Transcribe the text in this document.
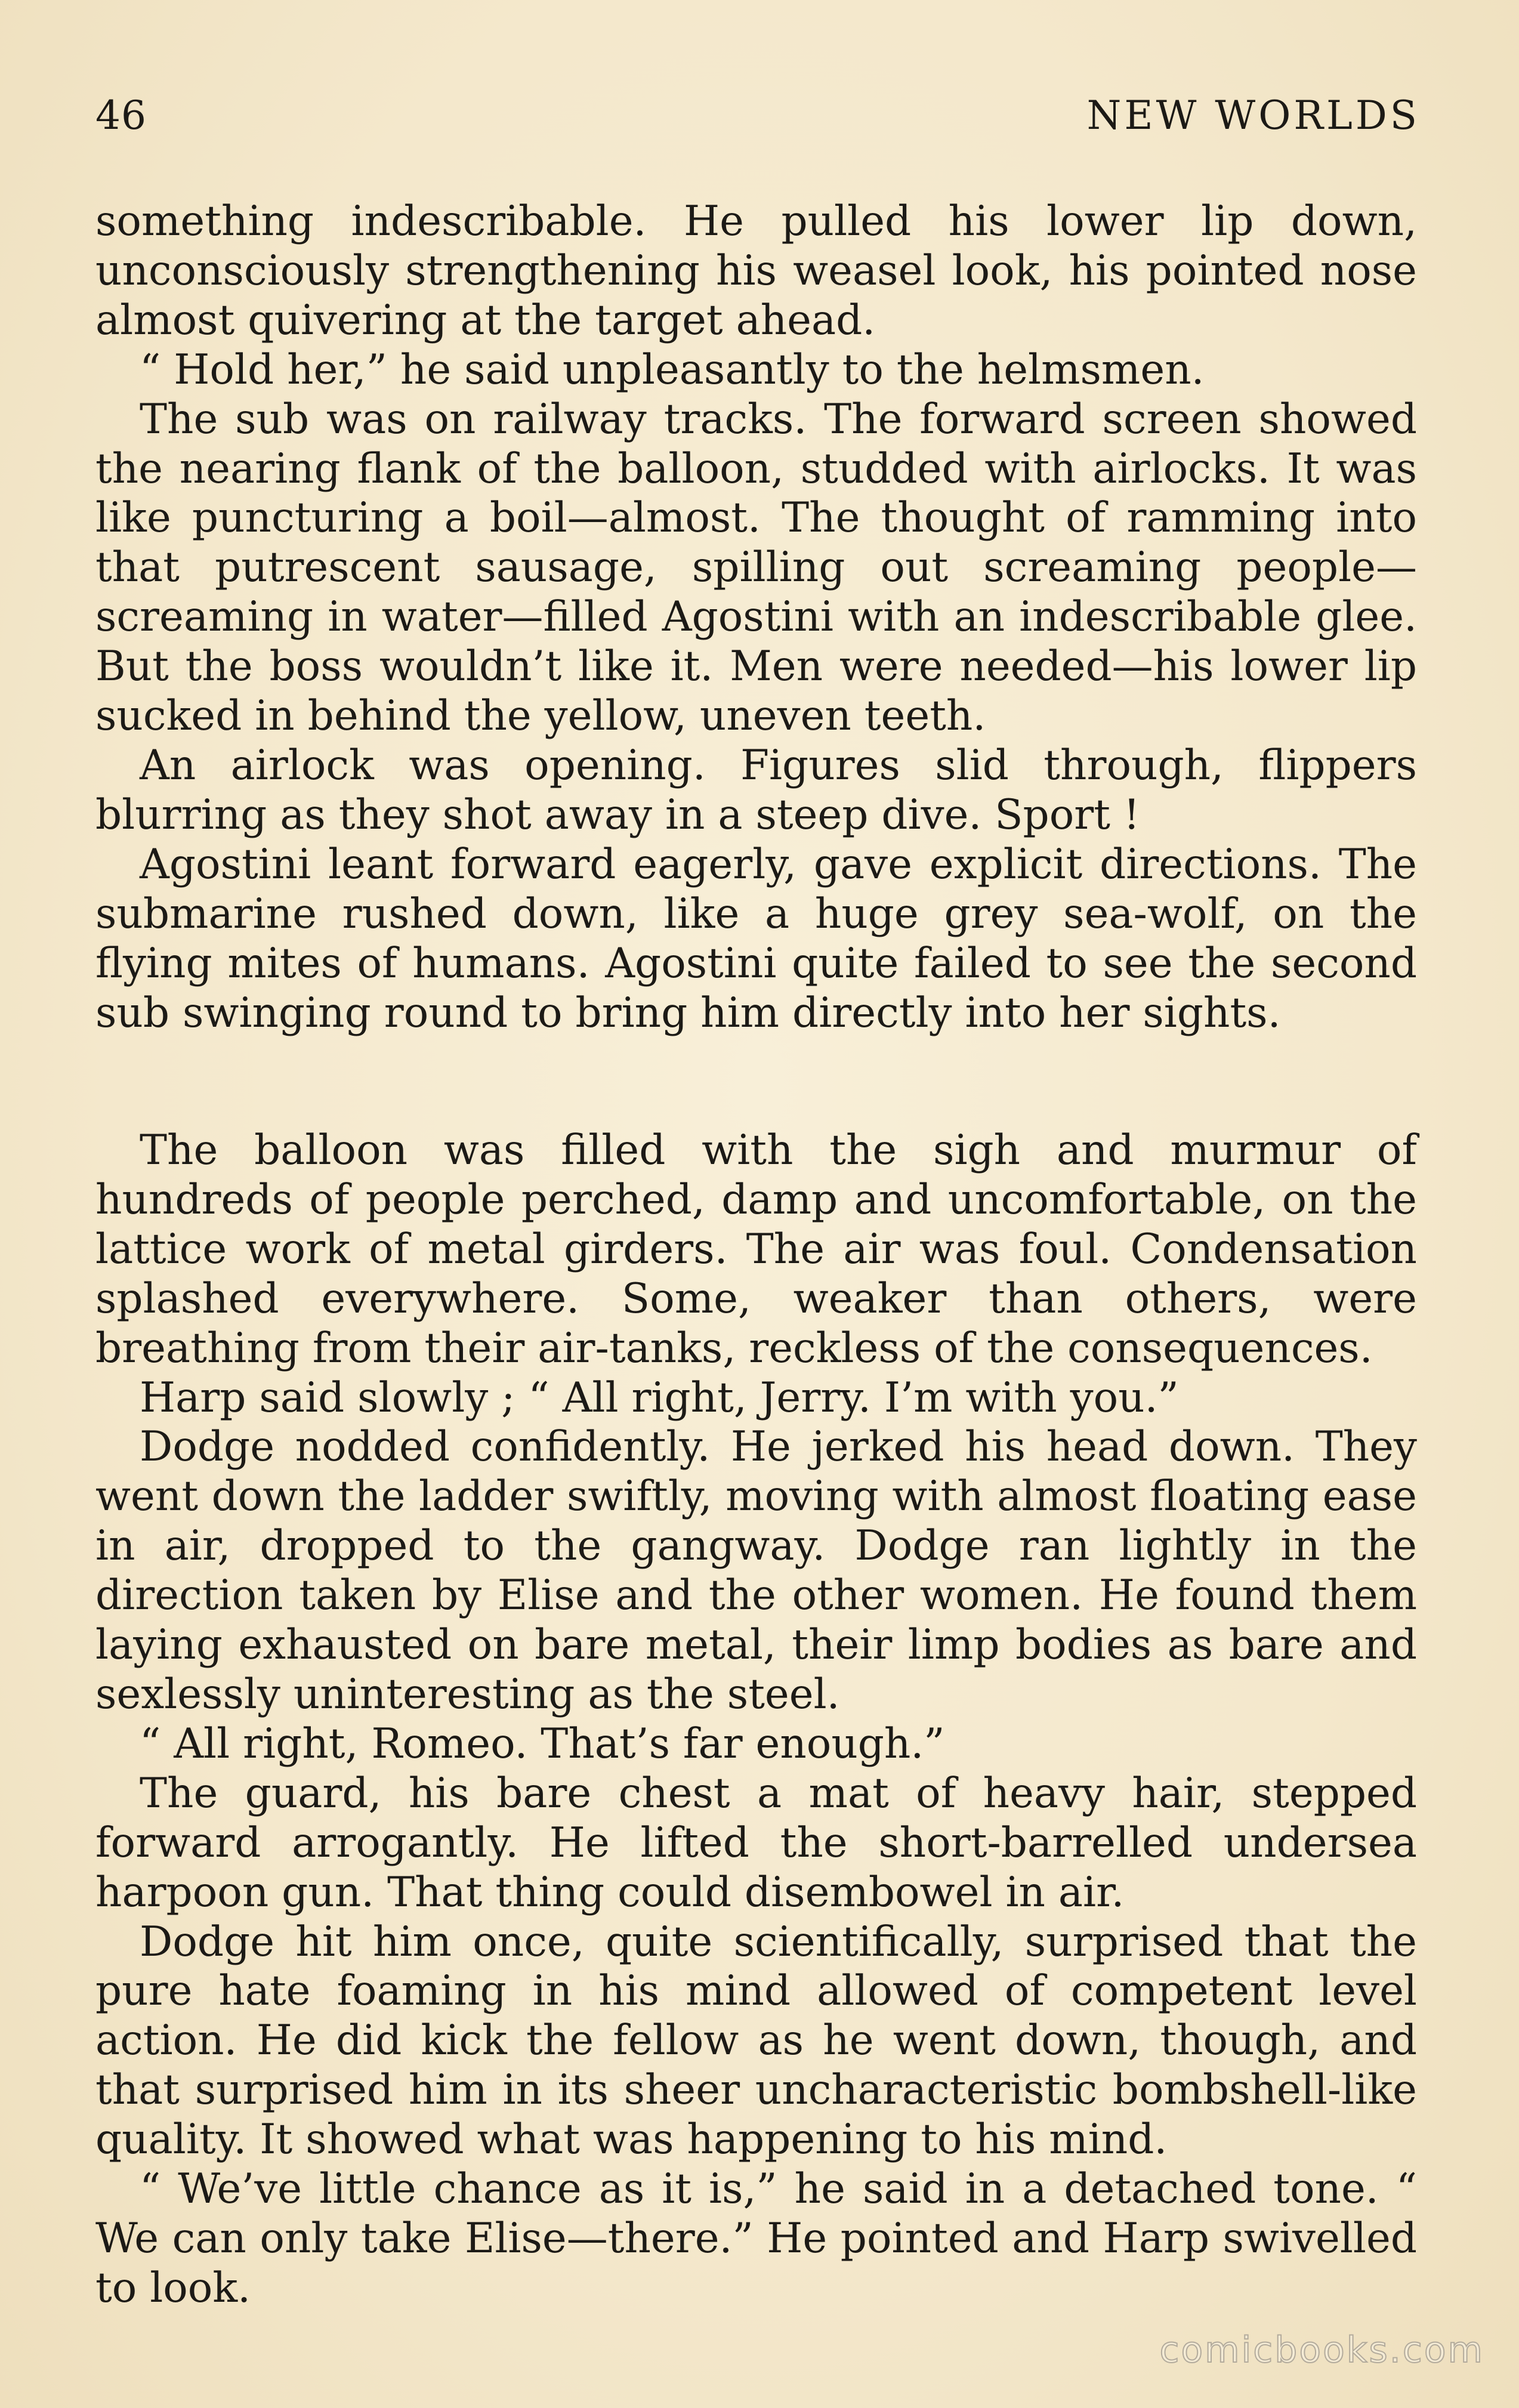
46	NEW WORLDS

something indescribable. He pulled his lower lip down, unconsciously strengthening his weasel look, his pointed nose almost quivering at the target ahead.

“ Hold her,” he said unpleasantly to the helmsmen.

The sub was on railway tracks. The forward screen showed the nearing flank of the balloon, studded with airlocks. It was like puncturing a boil—almost. The thought of ramming into that putrescent sausage, spilling out screaming people—screaming in water—filled Agostini with an indescribable glee. But the boss wouldn’t like it. Men were needed—his lower lip sucked in behind the yellow, uneven teeth.

An airlock was opening. Figures slid through, flippers blurring as they shot away in a steep dive. Sport !

Agostini leant forward eagerly, gave explicit directions. The submarine rushed down, like a huge grey sea-wolf, on the flying mites of humans. Agostini quite failed to see the second sub swinging round to bring him directly into her sights.

The balloon was filled with the sigh and murmur of hundreds of people perched, damp and uncomfortable, on the lattice work of metal girders. The air was foul. Condensation splashed everywhere. Some, weaker than others, were breathing from their air-tanks, reckless of the consequences.

Harp said slowly ; “ All right, Jerry. I’m with you.”

Dodge nodded confidently. He jerked his head down. They went down the ladder swiftly, moving with almost floating ease in air, dropped to the gangway. Dodge ran lightly in the direction taken by Elise and the other women. He found them laying exhausted on bare metal, their limp bodies as bare and sexlessly uninteresting as the steel.

“ All right, Romeo. That’s far enough.”

The guard, his bare chest a mat of heavy hair, stepped forward arrogantly. He lifted the short-barrelled undersea harpoon gun. That thing could disembowel in air.

Dodge hit him once, quite scientifically, surprised that the pure hate foaming in his mind allowed of competent level action. He did kick the fellow as he went down, though, and that surprised him in its sheer uncharacteristic bombshell-like quality. It showed what was happening to his mind.

“ We’ve little chance as it is,” he said in a detached tone. “ We can only take Elise—there.” He pointed and Harp swivelled to look.

comicbooks.com
